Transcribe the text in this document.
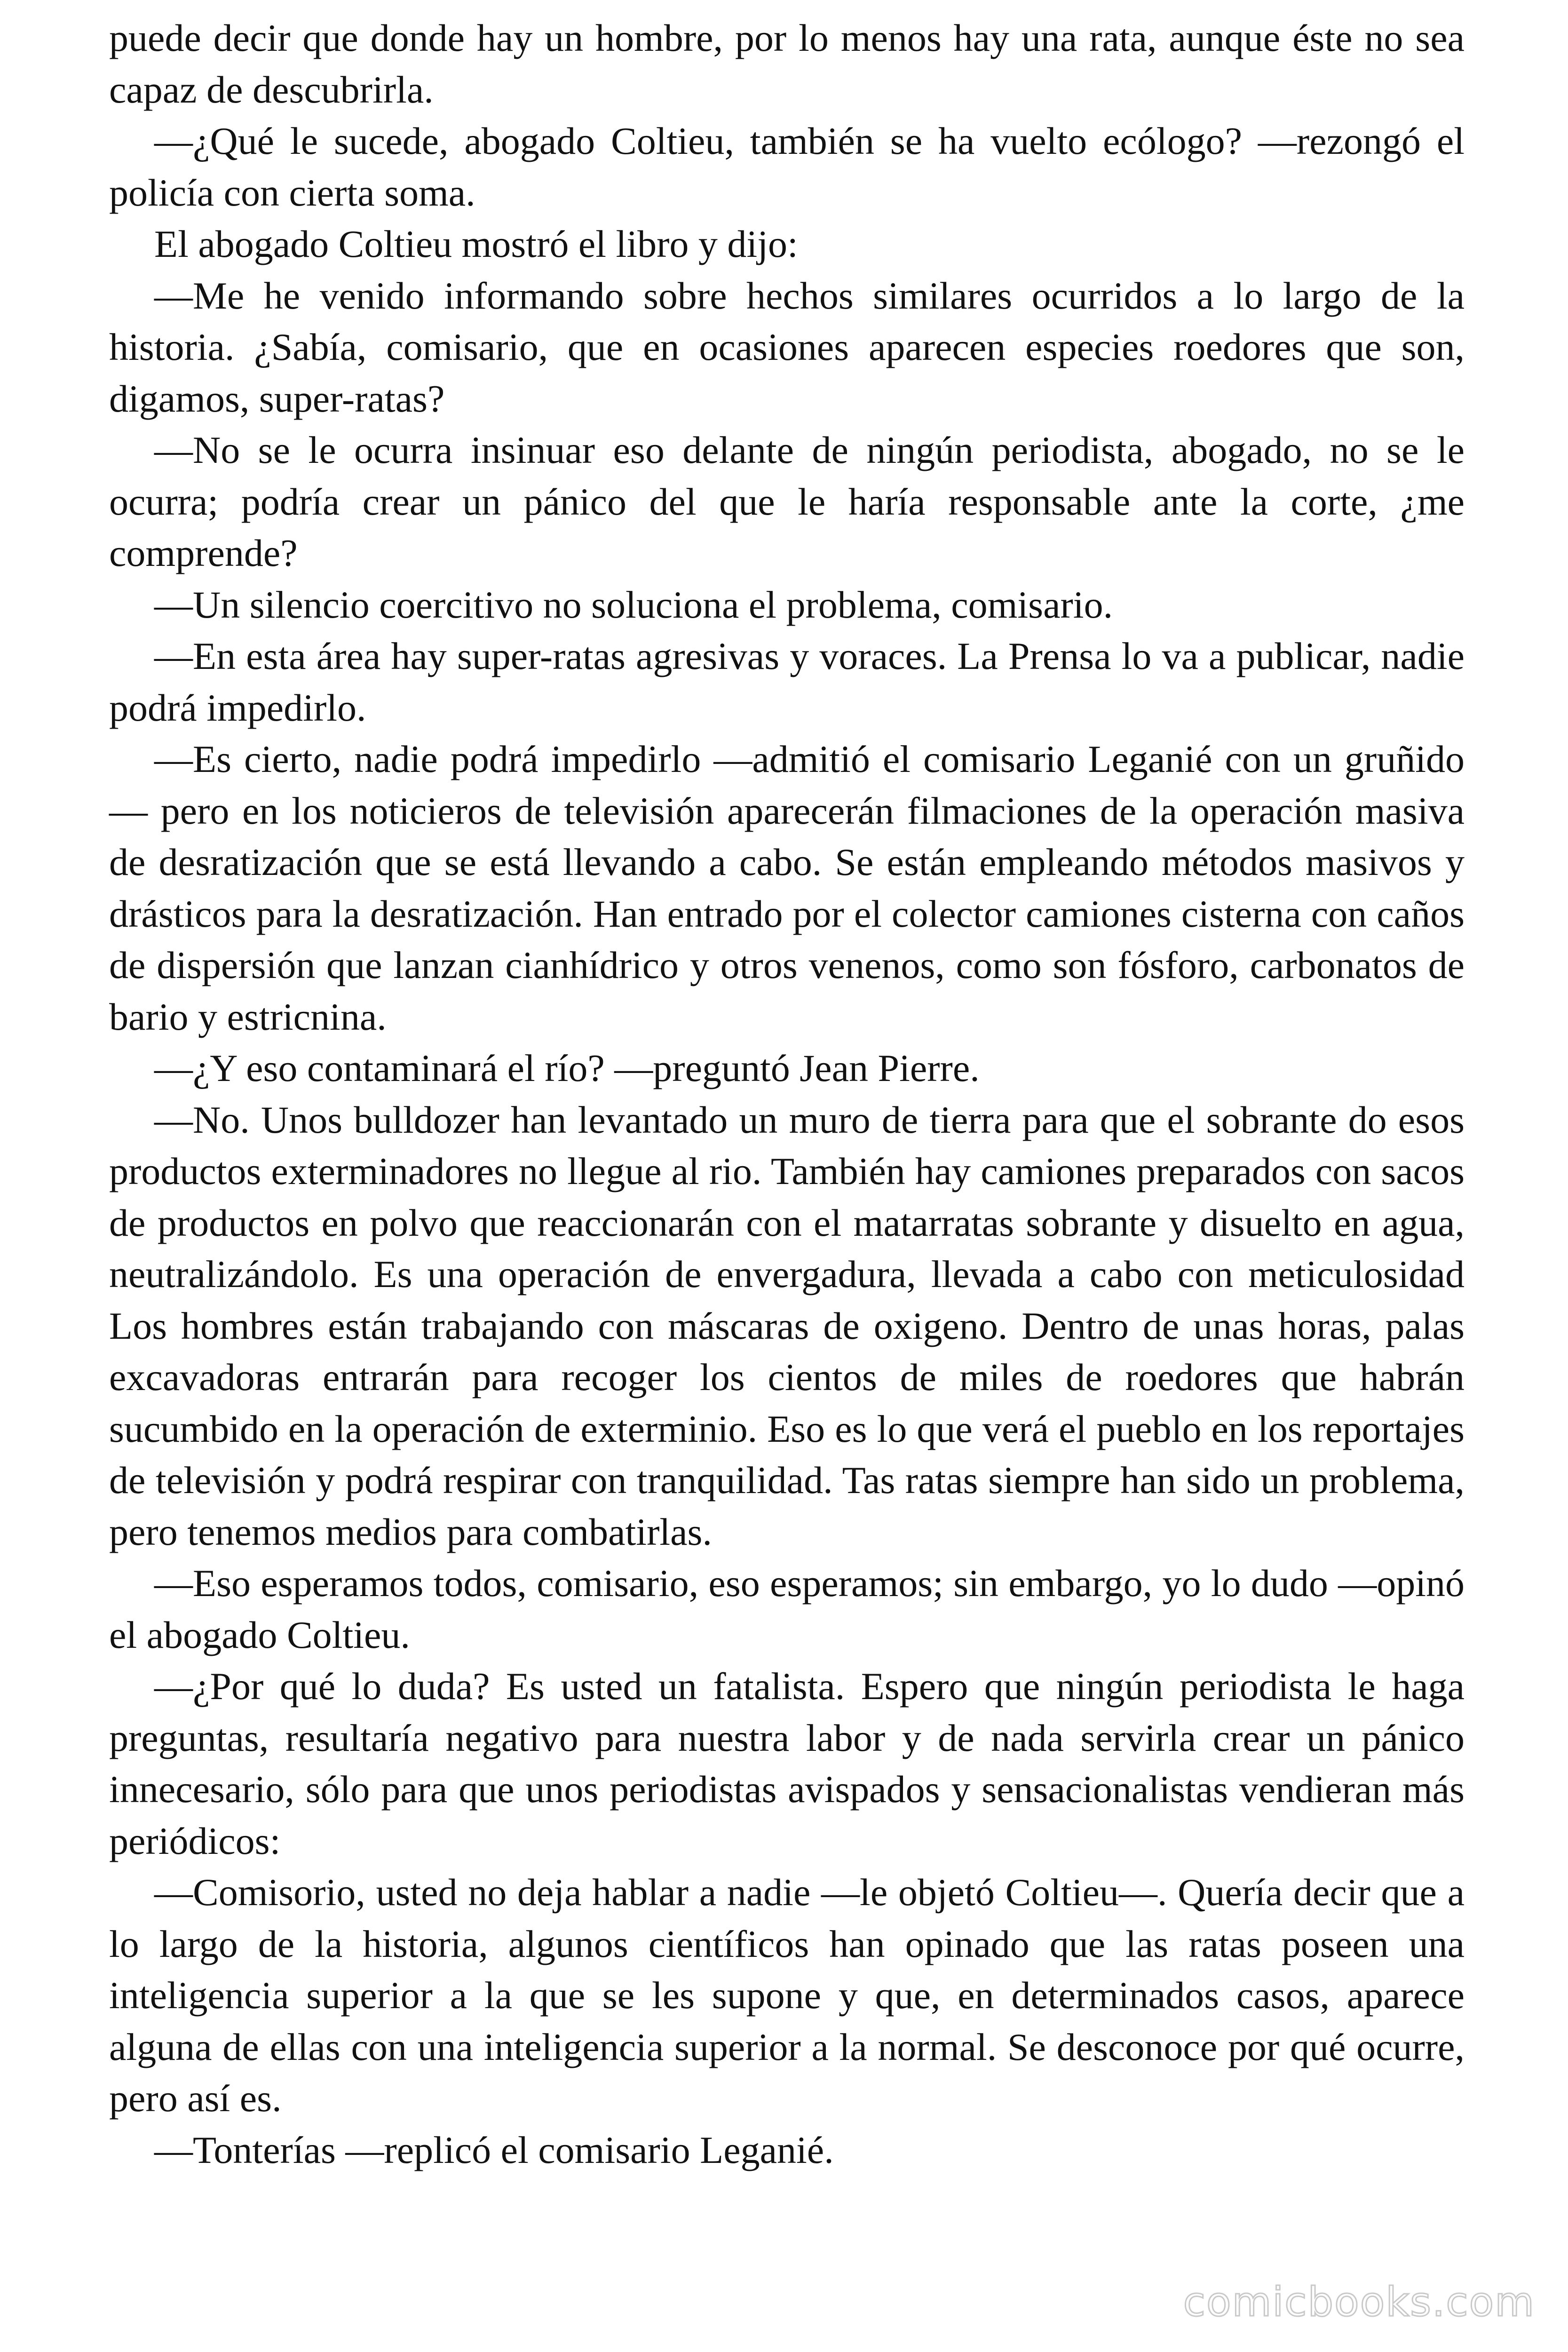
puede decir que donde hay un hombre, por lo menos hay una rata, aunque éste no sea capaz de descubrirla.

—¿Qué le sucede, abogado Coltieu, también se ha vuelto ecólogo? —rezongó el policía con cierta soma.

El abogado Coltieu mostró el libro y dijo:

—Me he venido informando sobre hechos similares ocurridos a lo largo de la historia. ¿Sabía, comisario, que en ocasiones aparecen especies roedores que son, digamos, super-ratas?

—No se le ocurra insinuar eso delante de ningún periodista, abogado, no se le ocurra; podría crear un pánico del que le haría responsable ante la corte, ¿me comprende?

—Un silencio coercitivo no soluciona el problema, comisario.

—En esta área hay super-ratas agresivas y voraces. La Prensa lo va a publicar, nadie podrá impedirlo.

—Es cierto, nadie podrá impedirlo —admitió el comisario Leganié con un gruñido— pero en los noticieros de televisión aparecerán filmaciones de la operación masiva de desratización que se está llevando a cabo. Se están empleando métodos masivos y drásticos para la desratización. Han entrado por el colector camiones cisterna con caños de dispersión que lanzan cianhídrico y otros venenos, como son fósforo, carbonatos de bario y estricnina.

—¿Y eso contaminará el río? —preguntó Jean Pierre.

—No. Unos bulldozer han levantado un muro de tierra para que el sobrante do esos productos exterminadores no llegue al rio. También hay camiones preparados con sacos de productos en polvo que reaccionarán con el matarratas sobrante y disuelto en agua, neutralizándolo. Es una operación de envergadura, llevada a cabo con meticulosidad Los hombres están trabajando con máscaras de oxigeno. Dentro de unas horas, palas excavadoras entrarán para recoger los cientos de miles de roedores que habrán sucumbido en la operación de exterminio. Eso es lo que verá el pueblo en los reportajes de televisión y podrá respirar con tranquilidad. Tas ratas siempre han sido un problema, pero tenemos medios para combatirlas.

—Eso esperamos todos, comisario, eso esperamos; sin embargo, yo lo dudo —opinó el abogado Coltieu.

—¿Por qué lo duda? Es usted un fatalista. Espero que ningún periodista le haga preguntas, resultaría negativo para nuestra labor y de nada servirla crear un pánico innecesario, sólo para que unos periodistas avispados y sensacionalistas vendieran más periódicos:

—Comisorio, usted no deja hablar a nadie —le objetó Coltieu—. Quería decir que a lo largo de la historia, algunos científicos han opinado que las ratas poseen una inteligencia superior a la que se les supone y que, en determinados casos, aparece alguna de ellas con una inteligencia superior a la normal. Se desconoce por qué ocurre, pero así es.

—Tonterías —replicó el comisario Leganié.

comicbooks.com
